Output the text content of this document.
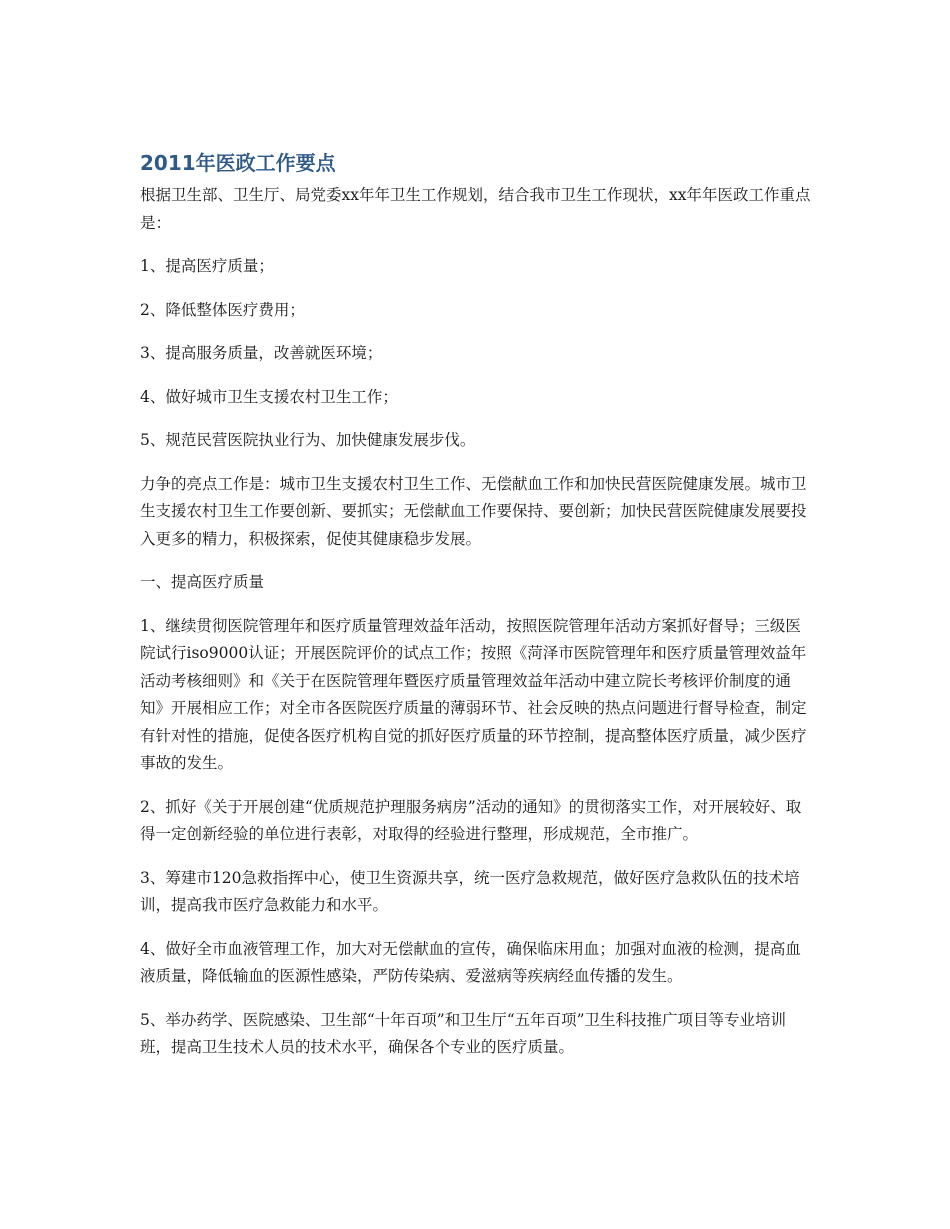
2011年医政工作要点

根据卫生部、卫生厅、局党委xx年年卫生工作规划，结合我市卫生工作现状，xx年年医政工作重点是：

1、提高医疗质量；

2、降低整体医疗费用；

3、提高服务质量，改善就医环境；

4、做好城市卫生支援农村卫生工作；

5、规范民营医院执业行为、加快健康发展步伐。

力争的亮点工作是：城市卫生支援农村卫生工作、无偿献血工作和加快民营医院健康发展。城市卫生支援农村卫生工作要创新、要抓实；无偿献血工作要保持、要创新；加快民营医院健康发展要投入更多的精力，积极探索，促使其健康稳步发展。

一、提高医疗质量

1、继续贯彻医院管理年和医疗质量管理效益年活动，按照医院管理年活动方案抓好督导；三级医院试行iso9000认证；开展医院评价的试点工作；按照《菏泽市医院管理年和医疗质量管理效益年活动考核细则》和《关于在医院管理年暨医疗质量管理效益年活动中建立院长考核评价制度的通知》开展相应工作；对全市各医院医疗质量的薄弱环节、社会反映的热点问题进行督导检查，制定有针对性的措施，促使各医疗机构自觉的抓好医疗质量的环节控制，提高整体医疗质量，减少医疗事故的发生。

2、抓好《关于开展创建“优质规范护理服务病房”活动的通知》的贯彻落实工作，对开展较好、取得一定创新经验的单位进行表彰，对取得的经验进行整理，形成规范，全市推广。

3、筹建市120急救指挥中心，使卫生资源共享，统一医疗急救规范，做好医疗急救队伍的技术培训，提高我市医疗急救能力和水平。

4、做好全市血液管理工作，加大对无偿献血的宣传，确保临床用血；加强对血液的检测，提高血液质量，降低输血的医源性感染，严防传染病、爱滋病等疾病经血传播的发生。

5、举办药学、医院感染、卫生部“十年百项”和卫生厅“五年百项”卫生科技推广项目等专业培训班，提高卫生技术人员的技术水平，确保各个专业的医疗质量。
